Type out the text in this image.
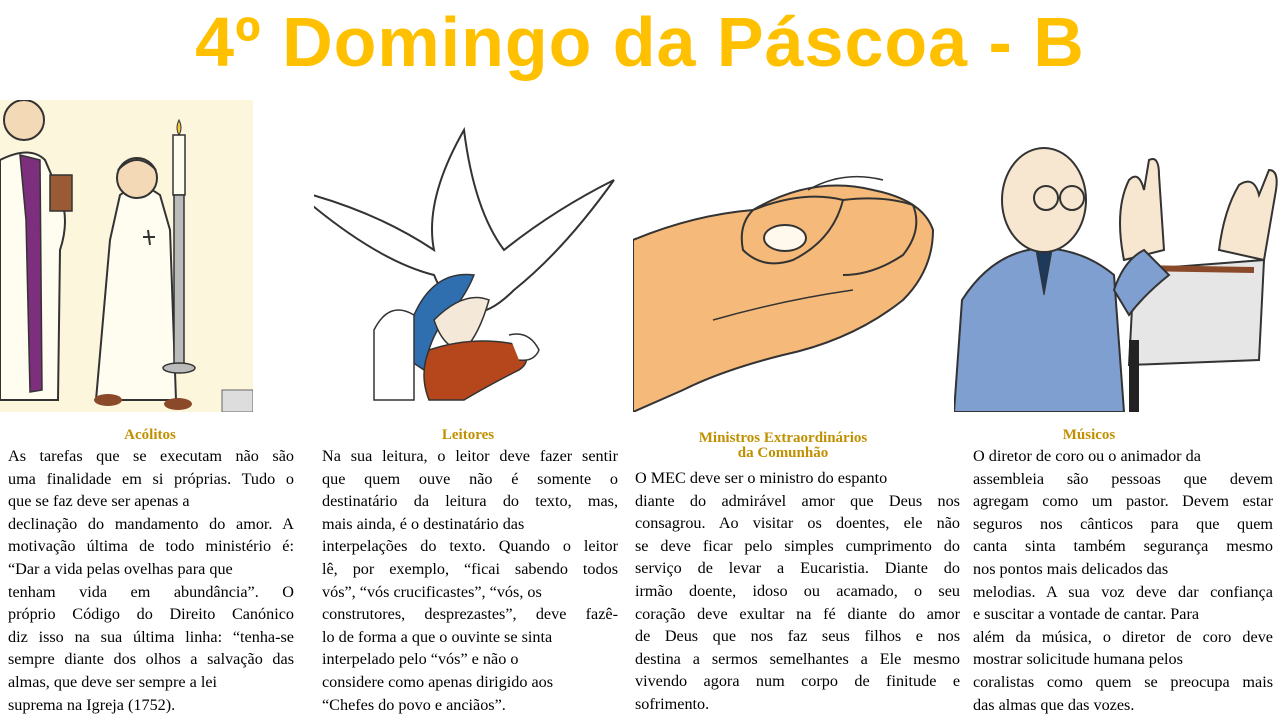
4º Domingo da Páscoa - B
Acólitos
As tarefas que se executam não são
uma finalidade em si próprias. Tudo o
que se faz deve ser apenas a
declinação do mandamento do amor. A
motivação última de todo ministério é:
“Dar a vida pelas ovelhas para que
tenham vida em abundância”. O
próprio Código do Direito Canónico
diz isso na sua última linha: “tenha-se
sempre diante dos olhos a salvação das
almas, que deve ser sempre a lei
suprema na Igreja (1752).
Leitores
Na sua leitura, o leitor deve fazer sentir
que quem ouve não é somente o
destinatário da leitura do texto, mas,
mais ainda, é o destinatário das
interpelações do texto. Quando o leitor
lê, por exemplo, “ficai sabendo todos
vós”, “vós crucificastes”, “vós, os
construtores, desprezastes”, deve fazê-
lo de forma a que o ouvinte se sinta
interpelado pelo “vós” e não o
considere como apenas dirigido aos
“Chefes do povo e anciãos”.
Ministros Extraordinários
da Comunhão
O MEC deve ser o ministro do espanto
diante do admirável amor que Deus nos
consagrou. Ao visitar os doentes, ele não
se deve ficar pelo simples cumprimento do
serviço de levar a Eucaristia. Diante do
irmão doente, idoso ou acamado, o seu
coração deve exultar na fé diante do amor
de Deus que nos faz seus filhos e nos
destina a sermos semelhantes a Ele mesmo
vivendo agora num corpo de finitude e
sofrimento.
Músicos
O diretor de coro ou o animador da
assembleia são pessoas que devem
agregam como um pastor. Devem estar
seguros nos cânticos para que quem
canta sinta também segurança mesmo
nos pontos mais delicados das
melodias. A sua voz deve dar confiança
e suscitar a vontade de cantar. Para
além da música, o diretor de coro deve
mostrar solicitude humana pelos
coralistas como quem se preocupa mais
das almas que das vozes.
